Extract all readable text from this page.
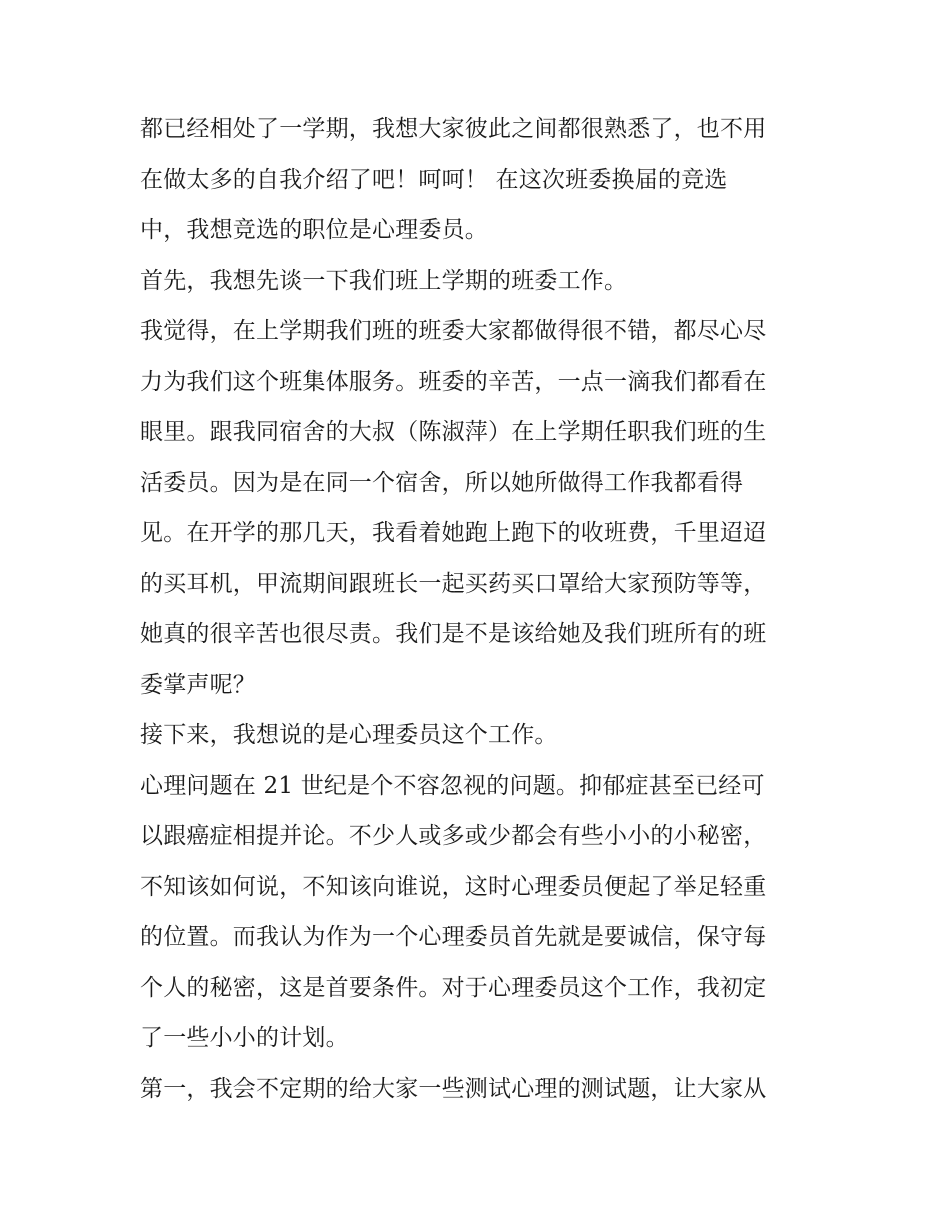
都已经相处了一学期，我想大家彼此之间都很熟悉了，也不用
在做太多的自我介绍了吧！呵呵！ 在这次班委换届的竞选
中，我想竞选的职位是心理委员。
首先，我想先谈一下我们班上学期的班委工作。
我觉得，在上学期我们班的班委大家都做得很不错，都尽心尽
力为我们这个班集体服务。班委的辛苦，一点一滴我们都看在
眼里。跟我同宿舍的大叔（陈淑萍）在上学期任职我们班的生
活委员。因为是在同一个宿舍，所以她所做得工作我都看得
见。在开学的那几天，我看着她跑上跑下的收班费，千里迢迢
的买耳机，甲流期间跟班长一起买药买口罩给大家预防等等，
她真的很辛苦也很尽责。我们是不是该给她及我们班所有的班
委掌声呢？
接下来，我想说的是心理委员这个工作。
心理问题在 21 世纪是个不容忽视的问题。抑郁症甚至已经可
以跟癌症相提并论。不少人或多或少都会有些小小的小秘密，
不知该如何说，不知该向谁说，这时心理委员便起了举足轻重
的位置。而我认为作为一个心理委员首先就是要诚信，保守每
个人的秘密，这是首要条件。对于心理委员这个工作，我初定
了一些小小的计划。
第一，我会不定期的给大家一些测试心理的测试题，让大家从
